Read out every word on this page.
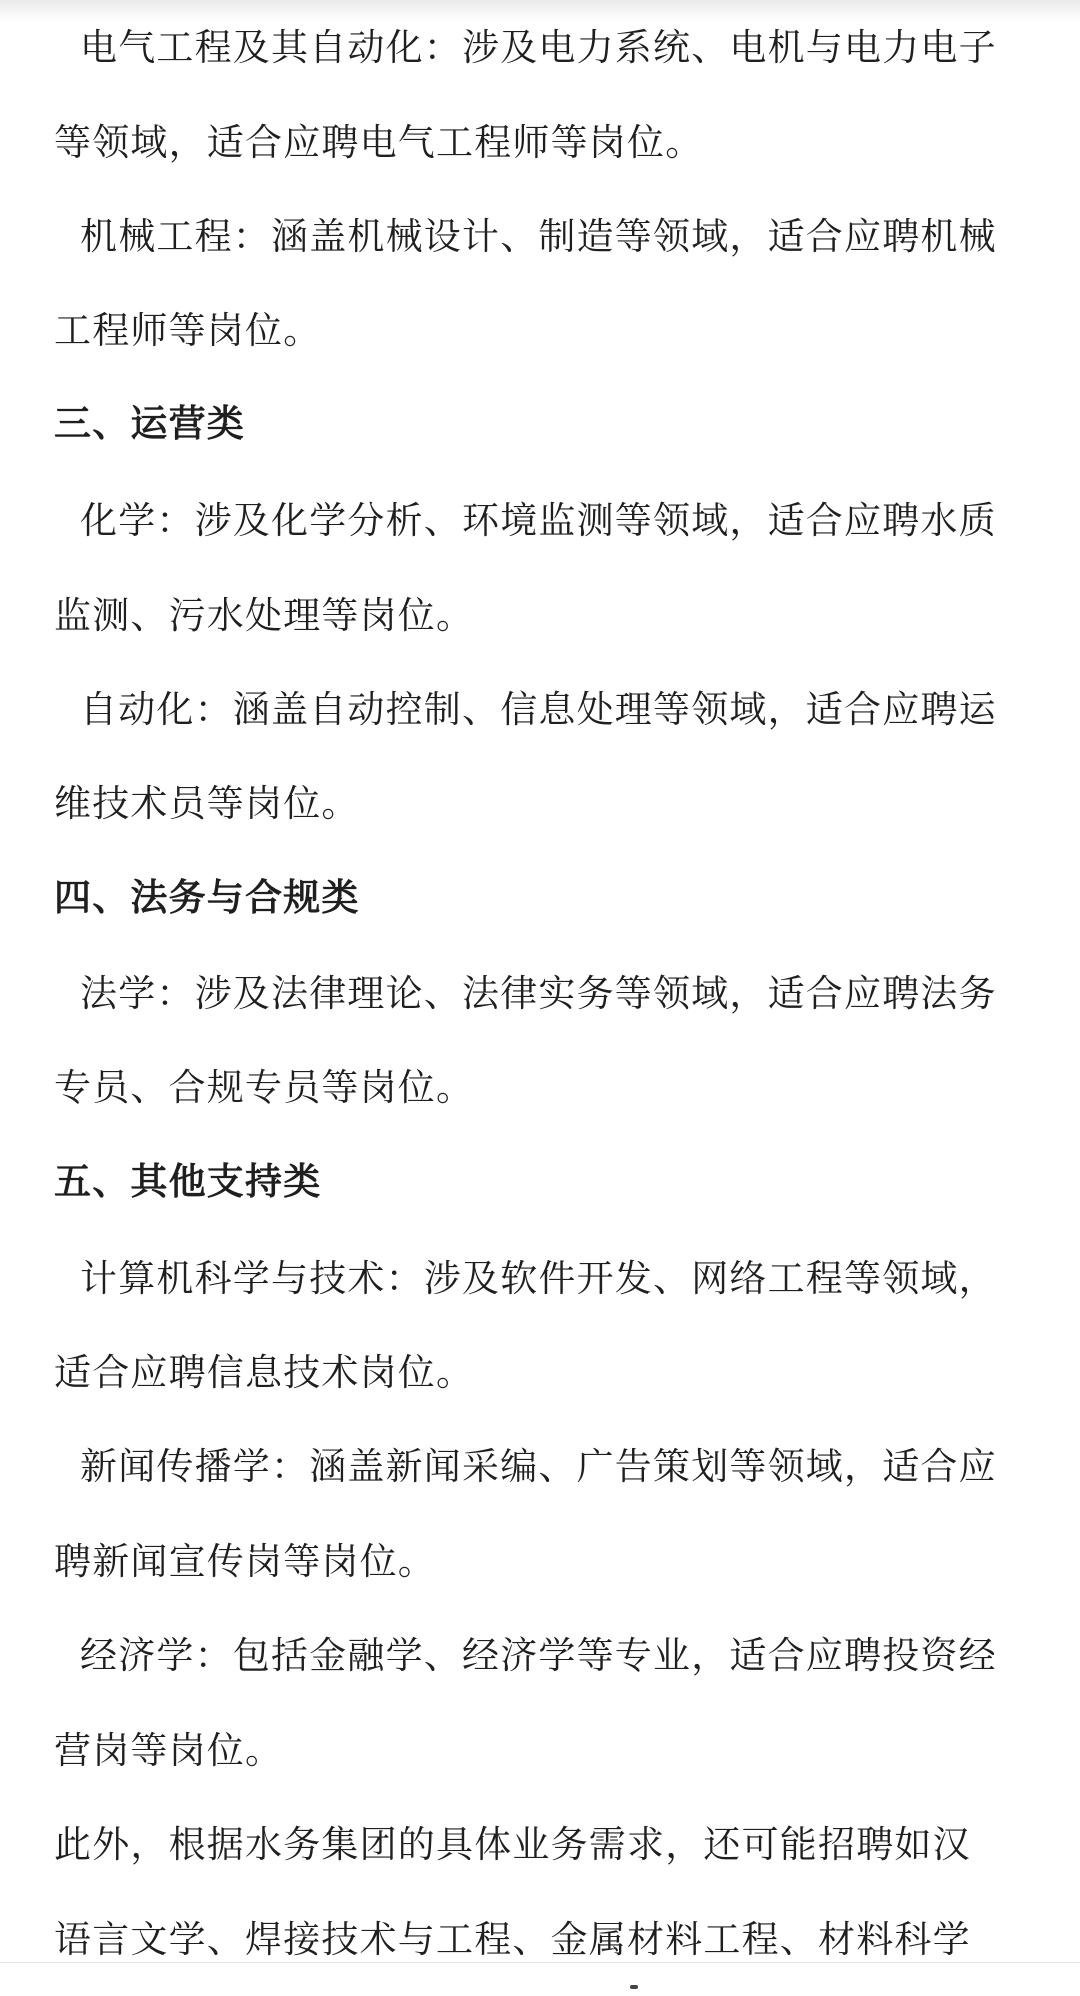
电气工程及其自动化：涉及电力系统、电机与电力电子
等领域，适合应聘电气工程师等岗位。
机械工程：涵盖机械设计、制造等领域，适合应聘机械
工程师等岗位。
三、运营类
化学：涉及化学分析、环境监测等领域，适合应聘水质
监测、污水处理等岗位。
自动化：涵盖自动控制、信息处理等领域，适合应聘运
维技术员等岗位。
四、法务与合规类
法学：涉及法律理论、法律实务等领域，适合应聘法务
专员、合规专员等岗位。
五、其他支持类
计算机科学与技术：涉及软件开发、网络工程等领域，
适合应聘信息技术岗位。
新闻传播学：涵盖新闻采编、广告策划等领域，适合应
聘新闻宣传岗等岗位。
经济学：包括金融学、经济学等专业，适合应聘投资经
营岗等岗位。
此外，根据水务集团的具体业务需求，还可能招聘如汉
语言文学、焊接技术与工程、金属材料工程、材料科学
